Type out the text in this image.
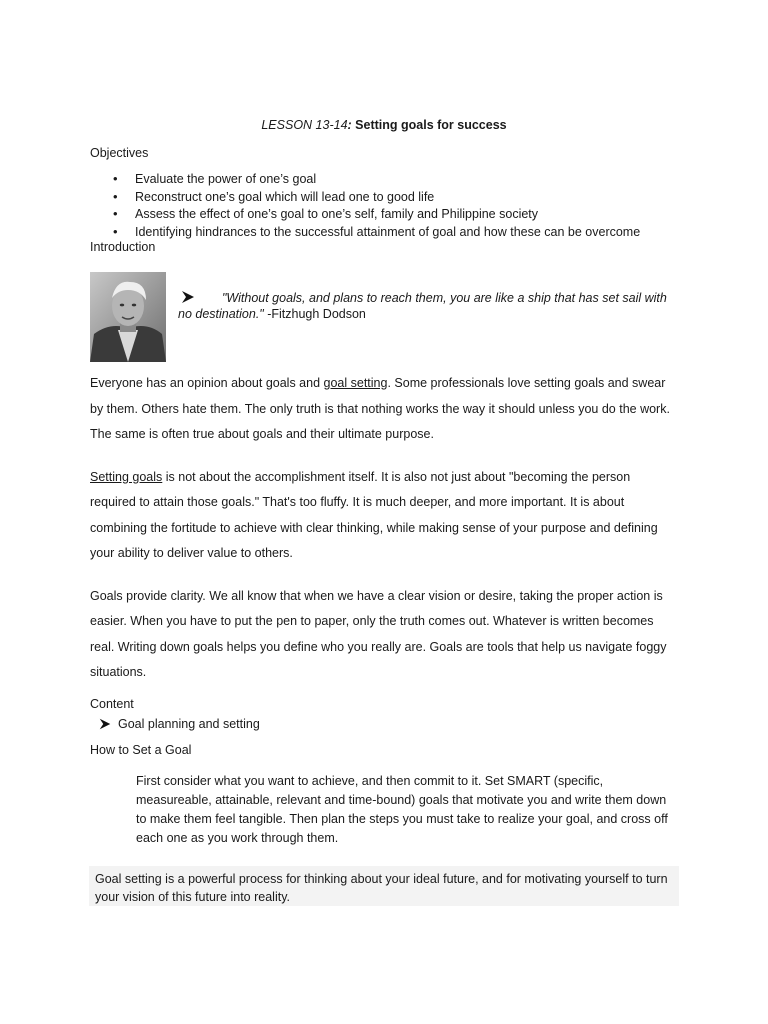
LESSON 13-14: Setting goals for success
Objectives
• Evaluate the power of one’s goal
• Reconstruct one’s goal which will lead one to good life
• Assess the effect of one’s goal to one’s self, family and Philippine society
• Identifying hindrances to the successful attainment of goal and how these can be overcome
Introduction
"Without goals, and plans to reach them, you are like a ship that has set sail with
no destination." -Fitzhugh Dodson
Everyone has an opinion about goals and goal setting. Some professionals love setting goals and swear
by them. Others hate them. The only truth is that nothing works the way it should unless you do the work.
The same is often true about goals and their ultimate purpose.
Setting goals is not about the accomplishment itself. It is also not just about "becoming the person
required to attain those goals." That's too fluffy. It is much deeper, and more important. It is about
combining the fortitude to achieve with clear thinking, while making sense of your purpose and defining
your ability to deliver value to others.
Goals provide clarity. We all know that when we have a clear vision or desire, taking the proper action is
easier. When you have to put the pen to paper, only the truth comes out. Whatever is written becomes
real. Writing down goals helps you define who you really are. Goals are tools that help us navigate foggy
situations.
Content
Goal planning and setting
How to Set a Goal
First consider what you want to achieve, and then commit to it. Set SMART (specific,
measureable, attainable, relevant and time-bound) goals that motivate you and write them down
to make them feel tangible. Then plan the steps you must take to realize your goal, and cross off
each one as you work through them.
Goal setting is a powerful process for thinking about your ideal future, and for motivating yourself to turn
your vision of this future into reality.
